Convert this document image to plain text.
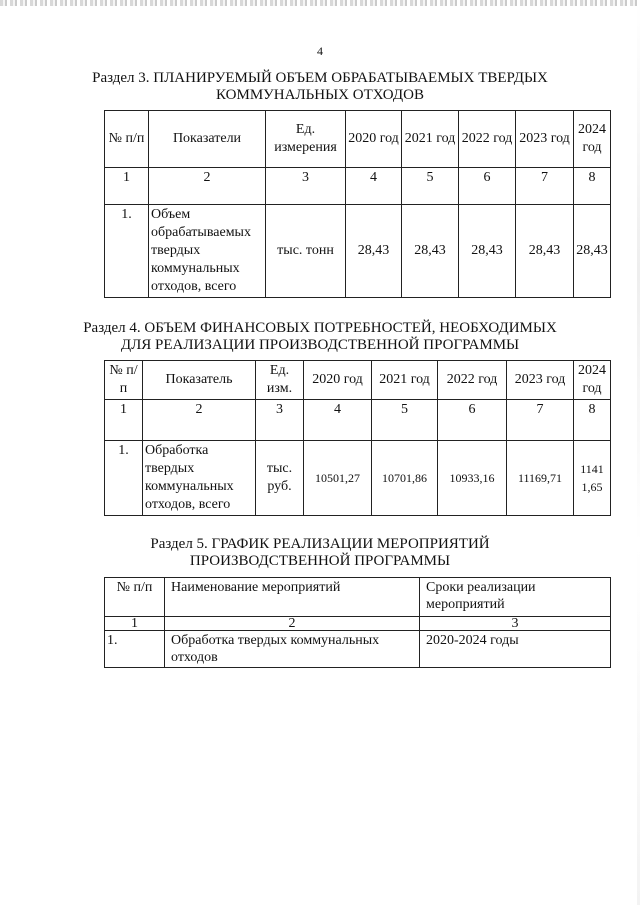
4
Раздел 3. ПЛАНИРУЕМЫЙ ОБЪЕМ ОБРАБАТЫВАЕМЫХ ТВЕРДЫХ
КОММУНАЛЬНЫХ ОТХОДОВ
№ п/п	Показатели	Ед. измерения	2020 год	2021 год	2022 год	2023 год	2024 год
1	2	3	4	5	6	7	8
1.	Объем обрабатываемых твердых коммунальных отходов, всего	тыс. тонн	28,43	28,43	28,43	28,43	28,43
Раздел 4. ОБЪЕМ ФИНАНСОВЫХ ПОТРЕБНОСТЕЙ, НЕОБХОДИМЫХ
ДЛЯ РЕАЛИЗАЦИИ ПРОИЗВОДСТВЕННОЙ ПРОГРАММЫ
№ п/п	Показатель	Ед. изм.	2020 год	2021 год	2022 год	2023 год	2024 год
1	2	3	4	5	6	7	8
1.	Обработка твердых коммунальных отходов, всего	тыс. руб.	10501,27	10701,86	10933,16	11169,71	11411,65
Раздел 5. ГРАФИК РЕАЛИЗАЦИИ МЕРОПРИЯТИЙ
ПРОИЗВОДСТВЕННОЙ ПРОГРАММЫ
№ п/п	Наименование мероприятий	Сроки реализации мероприятий
1	2	3
1.	Обработка твердых коммунальных отходов	2020-2024 годы
